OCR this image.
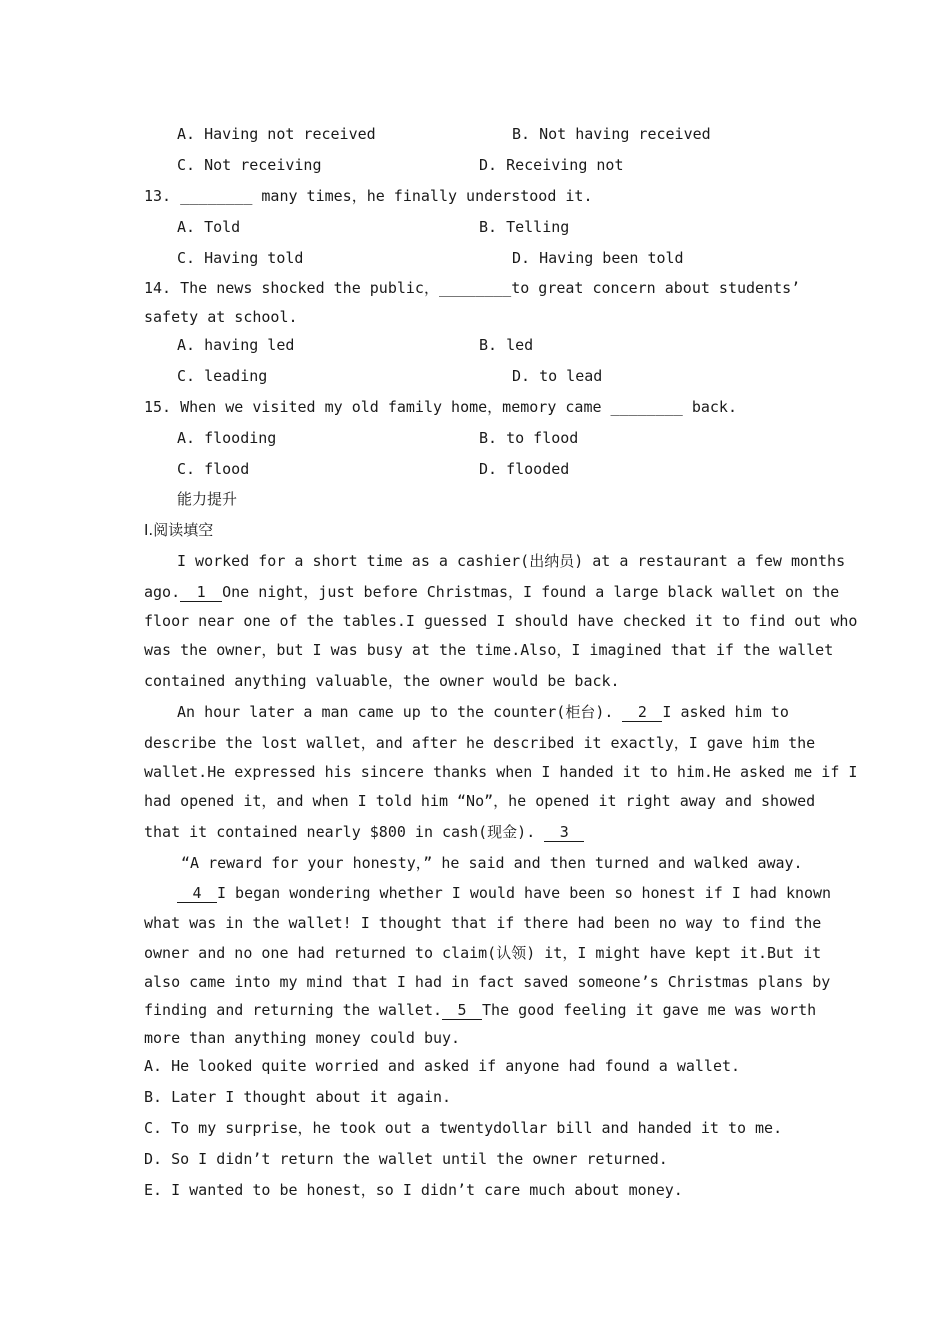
A. Having not received	B. Not having received
C. Not receiving	D. Receiving not
13. ________ many times，he finally understood it.
A. Told	B. Telling
C. Having told	D. Having been told
14. The news shocked the public，________to great concern about students’
safety at school.
A. having led	B. led
C. leading	D. to lead
15. When we visited my old family home，memory came ________ back.
A. flooding	B. to flood
C. flood	D. flooded
能力提升
Ⅰ.阅读填空
I worked for a short time as a cashier(出纳员) at a restaurant a few months
ago. 1 One night，just before Christmas，I found a large black wallet on the
floor near one of the tables.I guessed I should have checked it to find out who
was the owner，but I was busy at the time.Also，I imagined that if the wallet
contained anything valuable，the owner would be back.
An hour later a man came up to the counter(柜台). 2 I asked him to
describe the lost wallet，and after he described it exactly，I gave him the
wallet.He expressed his sincere thanks when I handed it to him.He asked me if I
had opened it，and when I told him “No”，he opened it right away and showed
that it contained nearly $800 in cash(现金). 3
“A reward for your honesty，” he said and then turned and walked away.
4 I began wondering whether I would have been so honest if I had known
what was in the wallet! I thought that if there had been no way to find the
owner and no one had returned to claim(认领) it，I might have kept it.But it
also came into my mind that I had in fact saved someone’s Christmas plans by
finding and returning the wallet. 5 The good feeling it gave me was worth
more than anything money could buy.
A. He looked quite worried and asked if anyone had found a wallet.
B. Later I thought about it again.
C. To my surprise，he took out a twentydollar bill and handed it to me.
D. So I didn’t return the wallet until the owner returned.
E. I wanted to be honest，so I didn’t care much about money.
